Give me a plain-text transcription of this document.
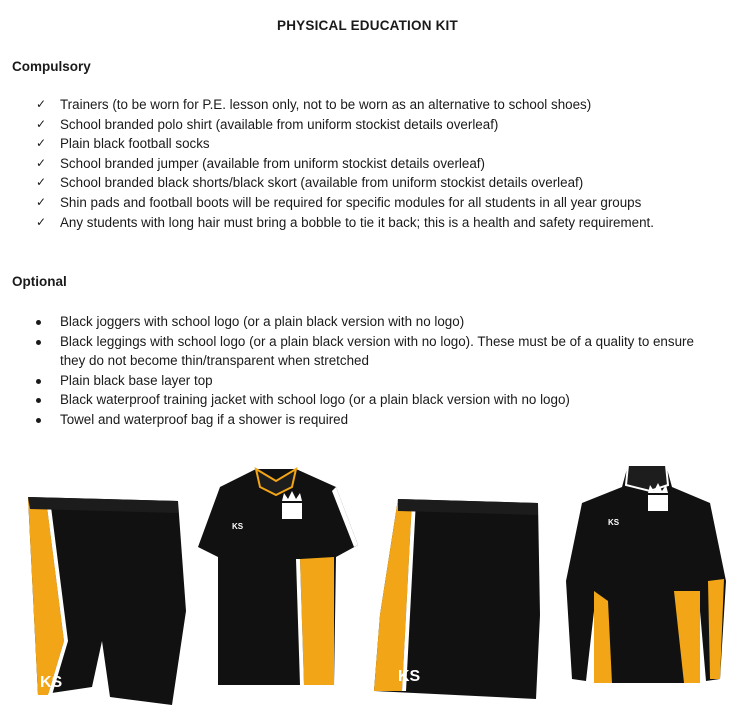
PHYSICAL EDUCATION KIT
Compulsory
✓ Trainers (to be worn for P.E. lesson only, not to be worn as an alternative to school shoes)
✓ School branded polo shirt (available from uniform stockist details overleaf)
✓ Plain black football socks
✓ School branded jumper (available from uniform stockist details overleaf)
✓ School branded black shorts/black skort (available from uniform stockist details overleaf)
✓ Shin pads and football boots will be required for specific modules for all students in all year groups
✓ Any students with long hair must bring a bobble to tie it back; this is a health and safety requirement.
Optional
Black joggers with school logo (or a plain black version with no logo)
Black leggings with school logo (or a plain black version with no logo). These must be of a quality to ensure they do not become thin/transparent when stretched
Plain black base layer top
Black waterproof training jacket with school logo (or a plain black version with no logo)
Towel and waterproof bag if a shower is required
KS
KS
KS
KS
